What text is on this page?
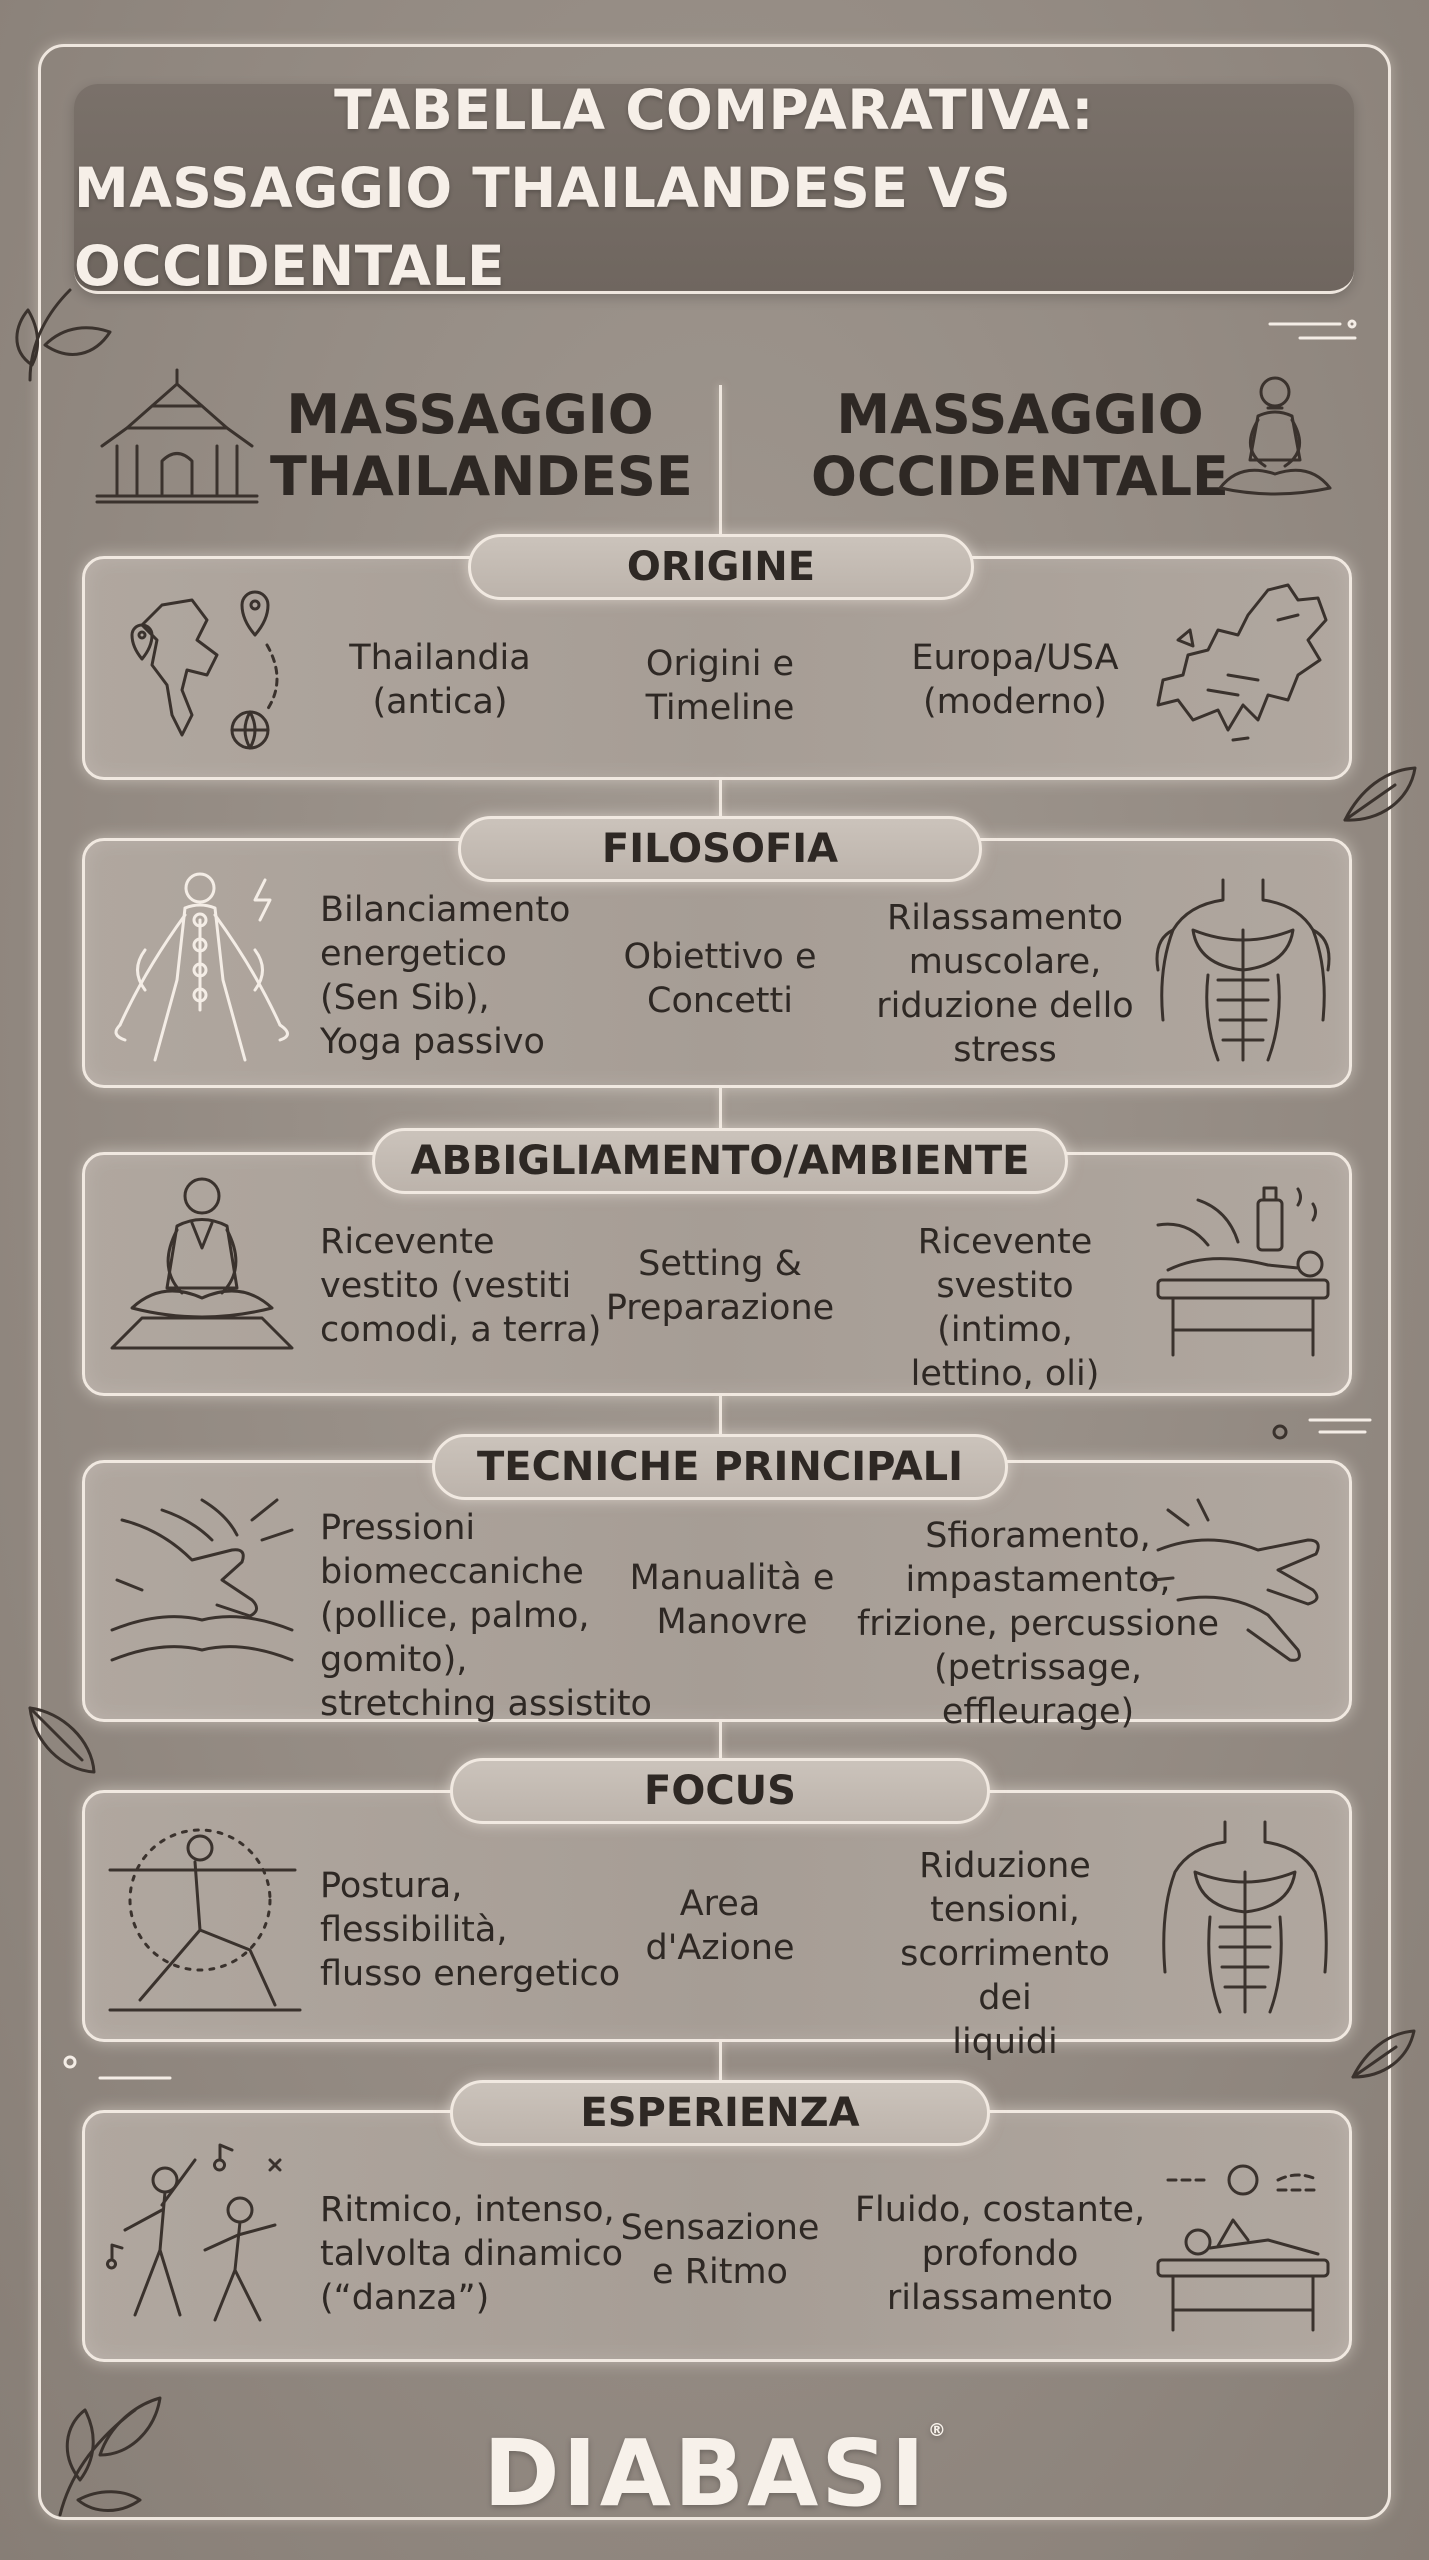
TABELLA COMPARATIVA:
MASSAGGIO THAILANDESE VS OCCIDENTALE
MASSAGGIO
THAILANDESE
MASSAGGIO
OCCIDENTALE
ORIGINE
Thailandia
(antica)
Origini e
Timeline
Europa/USA
(moderno)
FILOSOFIA
Bilanciamento
energetico
(Sen Sib),
Yoga passivo
Obiettivo e
Concetti
Rilassamento
muscolare,
riduzione dello
stress
ABBIGLIAMENTO/AMBIENTE
Ricevente
vestito (vestiti
comodi, a terra)
Setting &
Preparazione
Ricevente
svestito (intimo,
lettino, oli)
TECNICHE PRINCIPALI
Pressioni
biomeccaniche
(pollice, palmo,
gomito),
stretching assistito
Manualità e
Manovre
Sfioramento,
impastamento,
frizione, percussione
(petrissage, effleurage)
FOCUS
Postura,
flessibilità,
flusso energetico
Area
d'Azione
Riduzione
tensioni,
scorrimento dei
liquidi
ESPERIENZA
Ritmico, intenso,
talvolta dinamico
(“danza”)
Sensazione
e Ritmo
Fluido, costante,
profondo
rilassamento
DIABASI®
